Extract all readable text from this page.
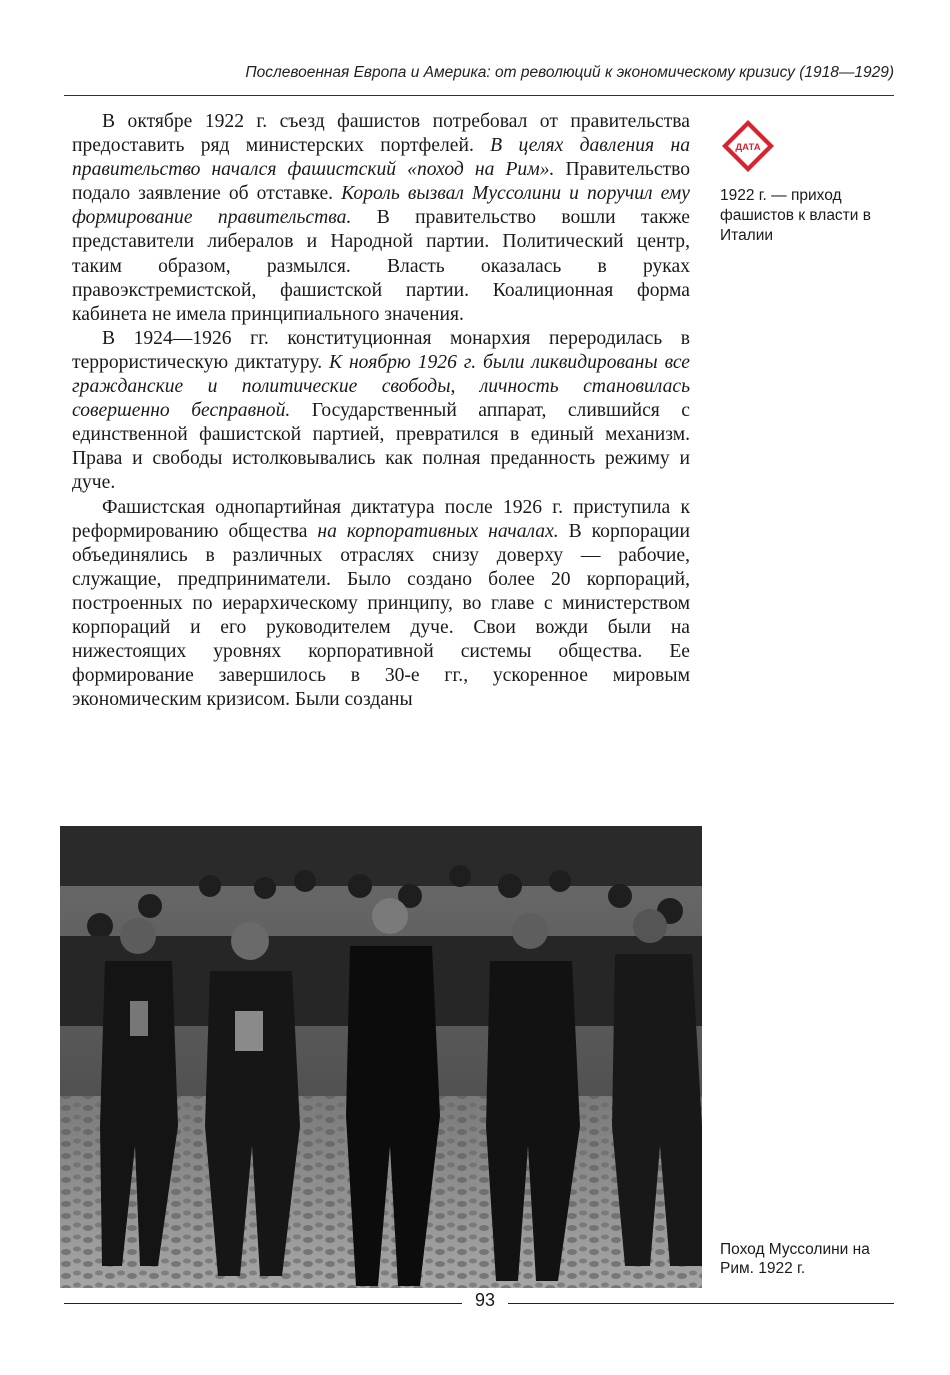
Послевоенная Европа и Америка: от революций к экономическому кризису (1918—1929)

В октябре 1922 г. съезд фашистов потребовал от правительства предоставить ряд министерских портфелей. В целях давления на правительство начался фашистский «поход на Рим». Правительство подало заявление об отставке. Король вызвал Муссолини и поручил ему формирование правительства. В правительство вошли также представители либералов и Народной партии. Политический центр, таким образом, размылся. Власть оказалась в руках правоэкстремистской, фашистской партии. Коалиционная форма кабинета не имела принципиального значения.

В 1924—1926 гг. конституционная монархия переродилась в террористическую диктатуру. К ноябрю 1926 г. были ликвидированы все гражданские и политические свободы, личность становилась совершенно бесправной. Государственный аппарат, слившийся с единственной фашистской партией, превратился в единый механизм. Права и свободы истолковывались как полная преданность режиму и дуче.

Фашистская однопартийная диктатура после 1926 г. приступила к реформированию общества на корпоративных началах. В корпорации объединялись в различных отраслях снизу доверху — рабочие, служащие, предприниматели. Было создано более 20 корпораций, построенных по иерархическому принципу, во главе с министерством корпораций и его руководителем дуче. Свои вожди были на нижестоящих уровнях корпоративной системы общества. Ее формирование завершилось в 30-е гг., ускоренное мировым экономическим кризисом. Были созданы

ДАТА
1922 г. — приход фашистов к власти в Италии
Поход Муссолини на Рим. 1922 г.
93
